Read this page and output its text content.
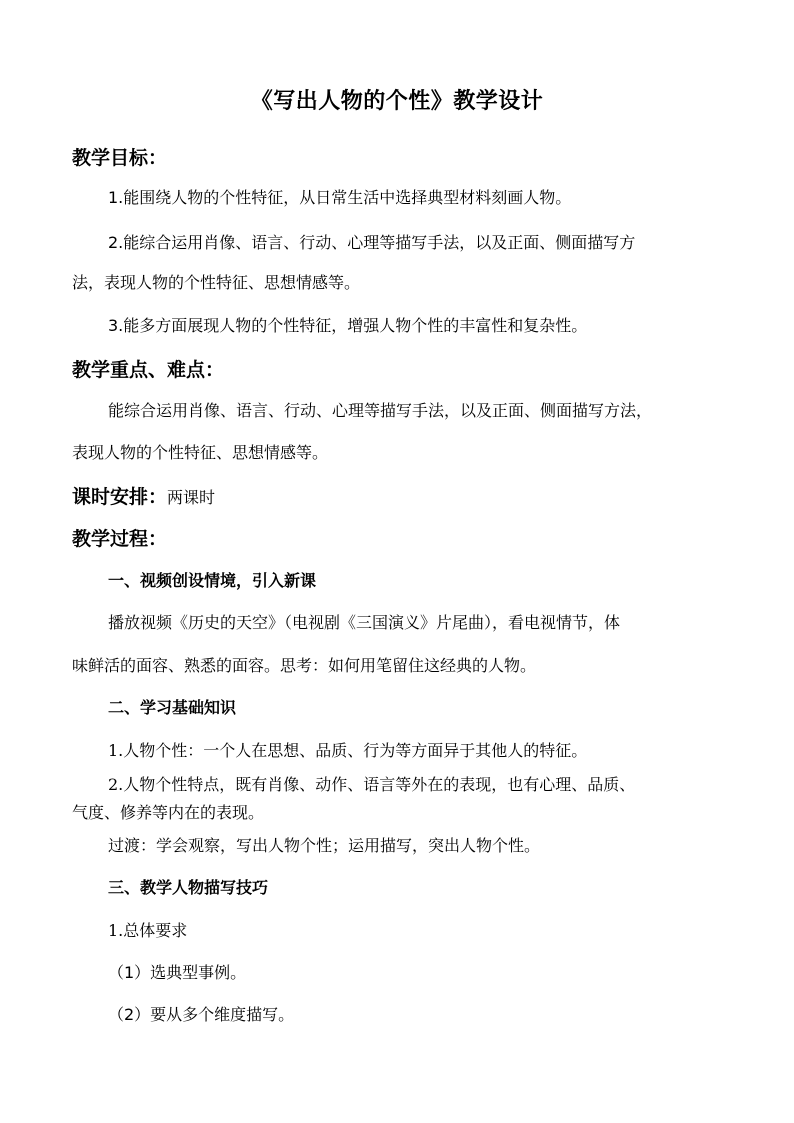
《写出人物的个性》教学设计
教学目标：
1.能围绕人物的个性特征，从日常生活中选择典型材料刻画人物。
2.能综合运用肖像、语言、行动、心理等描写手法，以及正面、侧面描写方
法，表现人物的个性特征、思想情感等。
3.能多方面展现人物的个性特征，增强人物个性的丰富性和复杂性。
教学重点、难点：
能综合运用肖像、语言、行动、心理等描写手法，以及正面、侧面描写方法，
表现人物的个性特征、思想情感等。
课时安排：两课时
教学过程：
一、视频创设情境，引入新课
播放视频《历史的天空》（电视剧《三国演义》片尾曲），看电视情节，体
味鲜活的面容、熟悉的面容。思考：如何用笔留住这经典的人物。
二、学习基础知识
1.人物个性：一个人在思想、品质、行为等方面异于其他人的特征。
2.人物个性特点，既有肖像、动作、语言等外在的表现，也有心理、品质、
气度、修养等内在的表现。
过渡：学会观察，写出人物个性；运用描写，突出人物个性。
三、教学人物描写技巧
1.总体要求
（1）选典型事例。
（2）要从多个维度描写。
